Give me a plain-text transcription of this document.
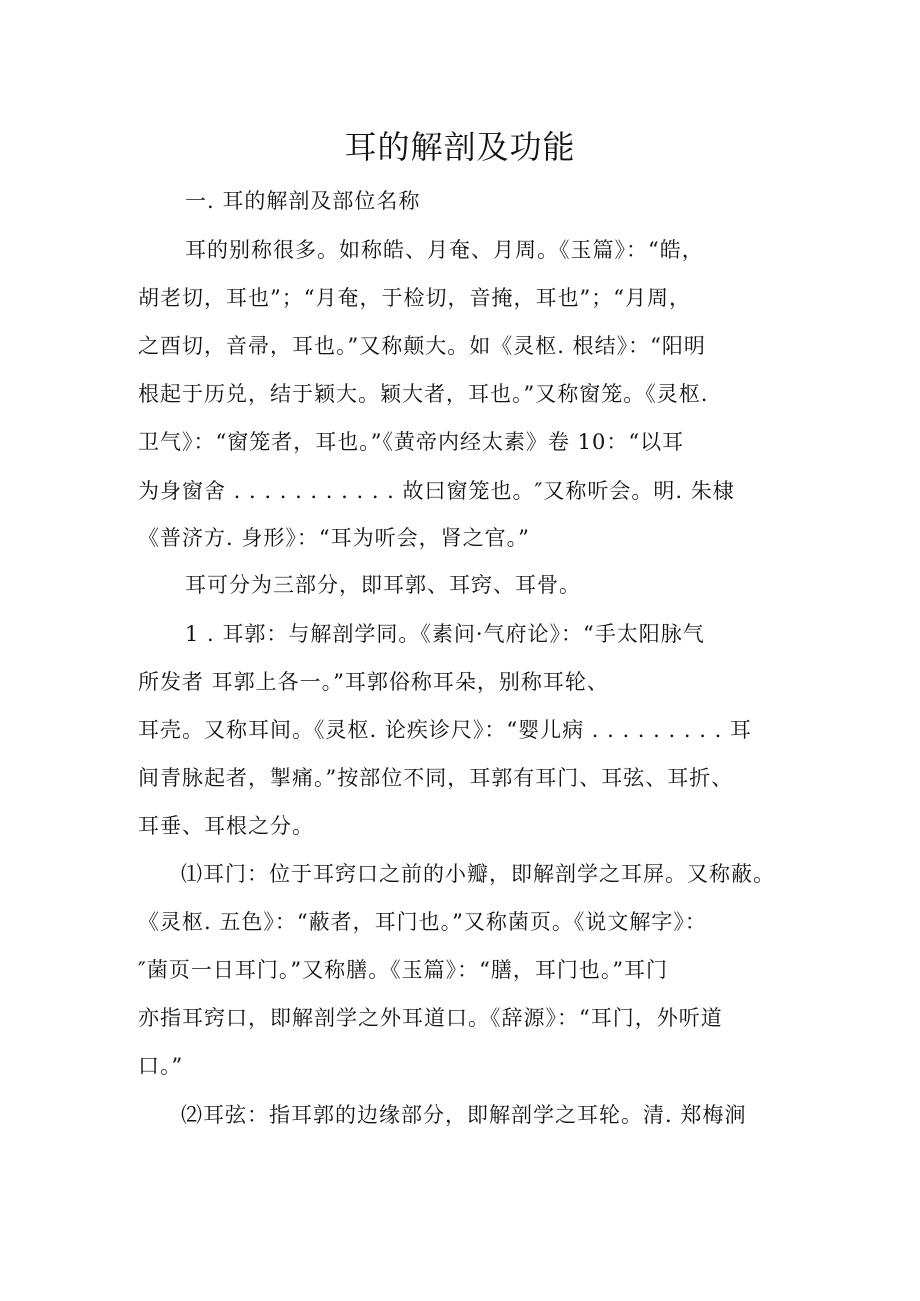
耳的解剖及功能
一. 耳的解剖及部位名称
耳的别称很多。如称皓、月奄、月周。《玉篇》：“皓，
胡老切，耳也”；“月奄，于检切，音掩，耳也”；“月周，
之酉切，音帚，耳也。”又称颠大。如《灵枢. 根结》：“阳明
根起于历兑，结于颖大。颖大者，耳也。”又称窗笼。《灵枢.
卫气》：“窗笼者，耳也。”《黄帝内经太素》卷 10：“以耳
为身窗舍 . . . . . . . . . . . 故曰窗笼也。″又称听会。明. 朱棣
《普济方. 身形》：“耳为听会，肾之官。”
耳可分为三部分，即耳郭、耳窍、耳骨。
1 . 耳郭：与解剖学同。《素问·气府论》：“手太阳脉气
所发者 耳郭上各一。”耳郭俗称耳朵，别称耳轮、
耳壳。又称耳间。《灵枢. 论疾诊尺》：“婴儿病 . . . . . . . . . 耳
间青脉起者，掣痛。”按部位不同，耳郭有耳门、耳弦、耳折、
耳垂、耳根之分。
⑴耳门：位于耳窍口之前的小瓣，即解剖学之耳屏。又称蔽。
《灵枢. 五色》：“蔽者，耳门也。”又称菌页。《说文解字》：
″菌页一日耳门。”又称膳。《玉篇》：“膳，耳门也。”耳门
亦指耳窍口，即解剖学之外耳道口。《辞源》：“耳门，外听道
口。”
⑵耳弦：指耳郭的边缘部分，即解剖学之耳轮。清. 郑梅涧
